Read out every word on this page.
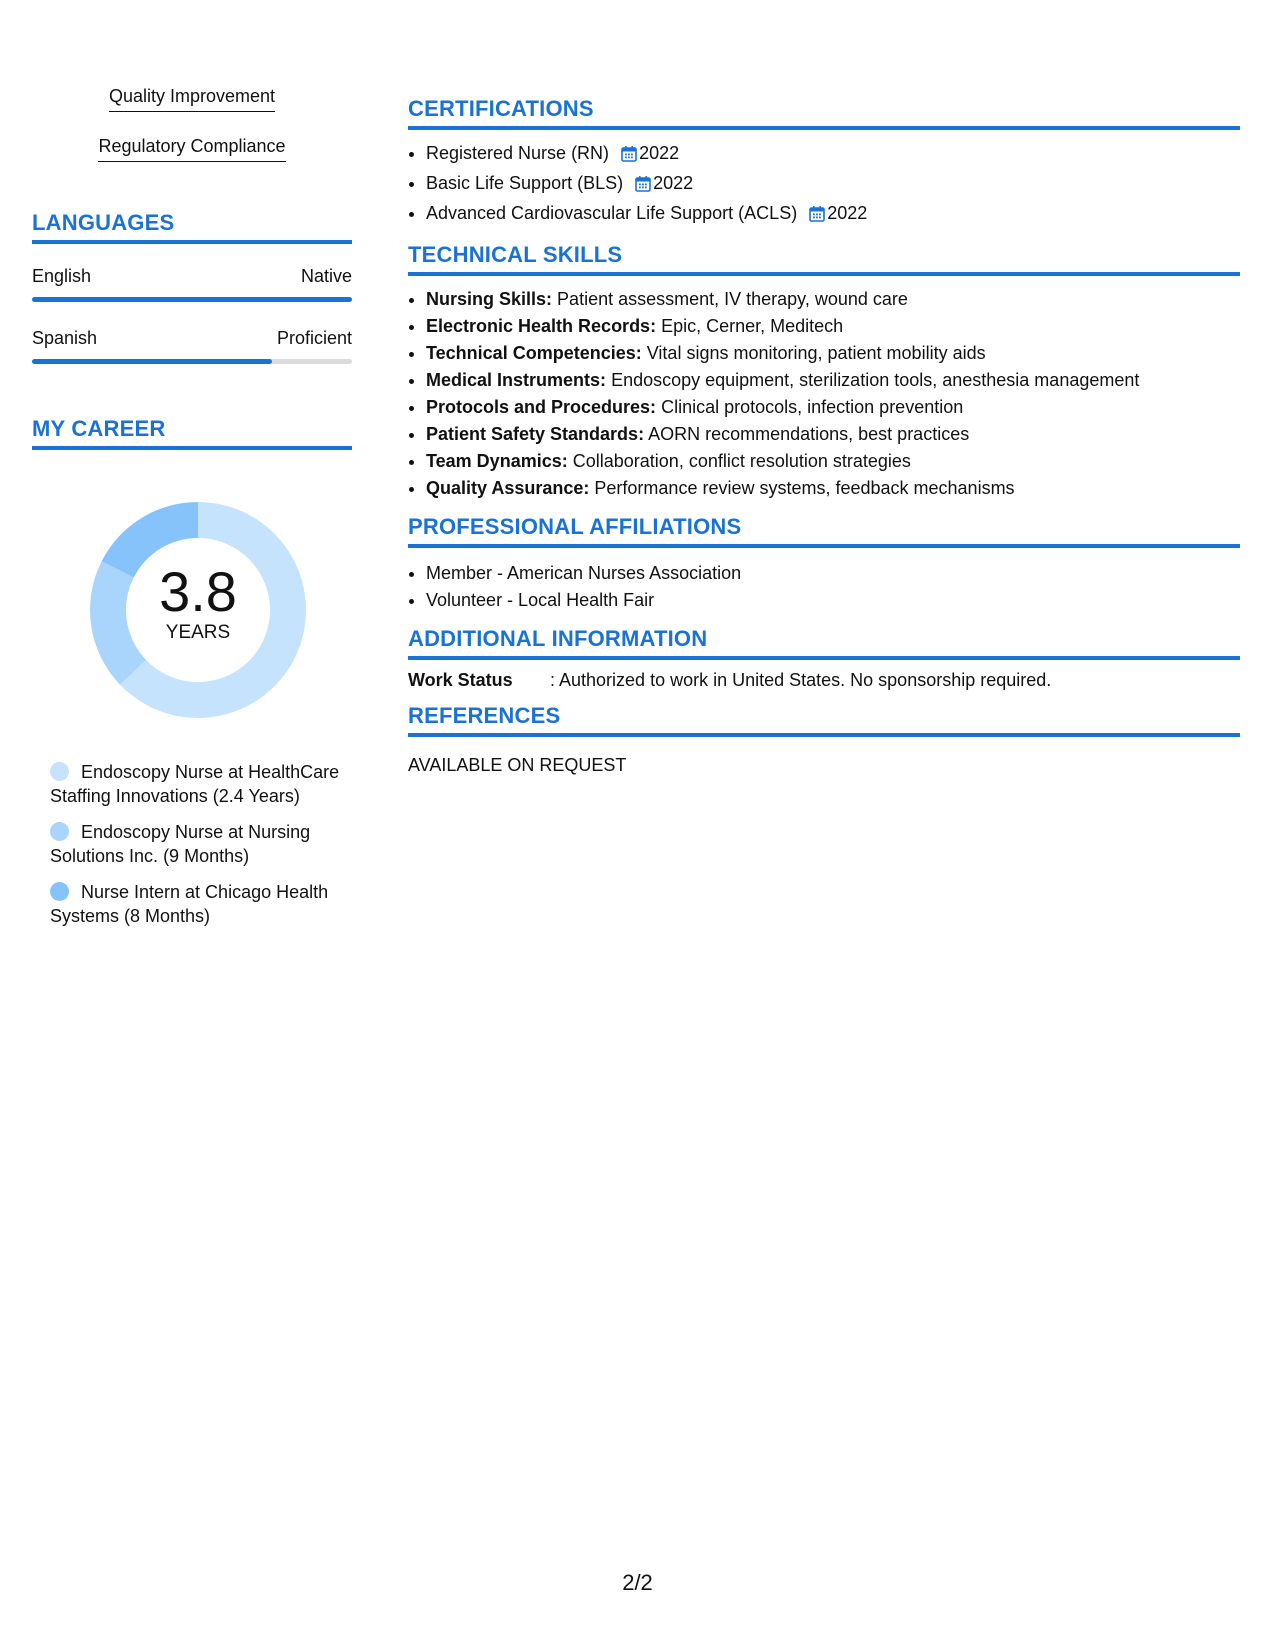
Quality Improvement
Regulatory Compliance
LANGUAGES
English	Native
Spanish	Proficient
MY CAREER
3.8
YEARS
Endoscopy Nurse at HealthCare Staffing Innovations (2.4 Years)
Endoscopy Nurse at Nursing Solutions Inc. (9 Months)
Nurse Intern at Chicago Health Systems (8 Months)
CERTIFICATIONS
• Registered Nurse (RN) 2022
• Basic Life Support (BLS) 2022
• Advanced Cardiovascular Life Support (ACLS) 2022
TECHNICAL SKILLS
• Nursing Skills: Patient assessment, IV therapy, wound care
• Electronic Health Records: Epic, Cerner, Meditech
• Technical Competencies: Vital signs monitoring, patient mobility aids
• Medical Instruments: Endoscopy equipment, sterilization tools, anesthesia management
• Protocols and Procedures: Clinical protocols, infection prevention
• Patient Safety Standards: AORN recommendations, best practices
• Team Dynamics: Collaboration, conflict resolution strategies
• Quality Assurance: Performance review systems, feedback mechanisms
PROFESSIONAL AFFILIATIONS
• Member - American Nurses Association
• Volunteer - Local Health Fair
ADDITIONAL INFORMATION
Work Status	: Authorized to work in United States. No sponsorship required.
REFERENCES

AVAILABLE ON REQUEST

2/2
